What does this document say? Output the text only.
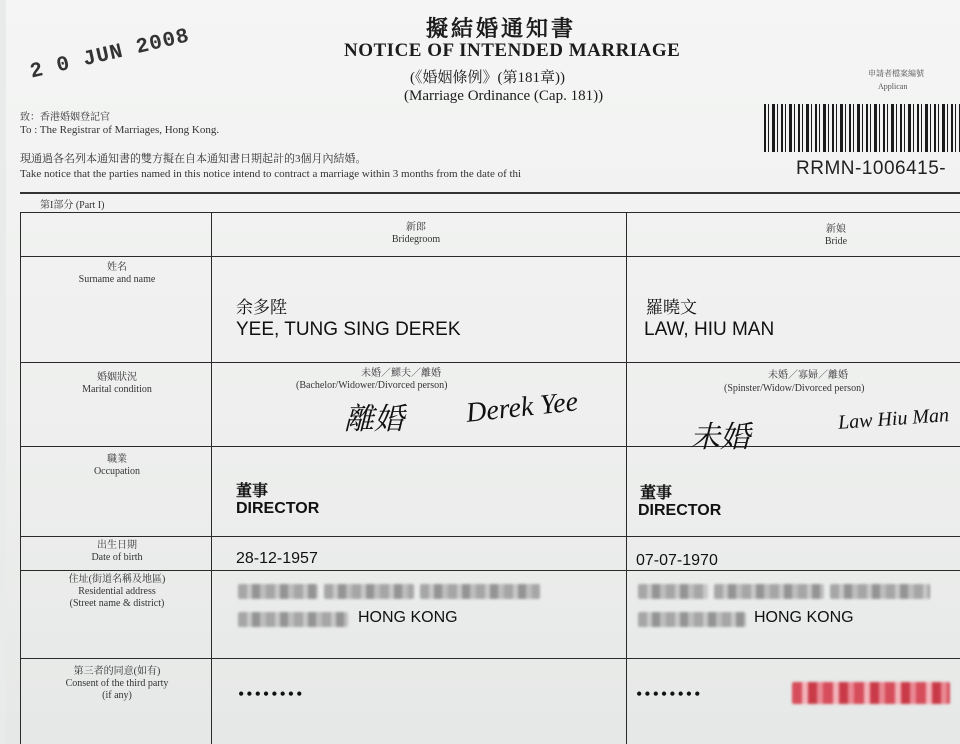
擬結婚通知書
NOTICE OF INTENDED MARRIAGE
(《婚姻條例》(第181章))
(Marriage Ordinance (Cap. 181))
2 0 JUN 2008
致：香港婚姻登記官
To : The Registrar of Marriages, Hong Kong.
現通過各名列本通知書的雙方擬在自本通知書日期起計的3個月內結婚。
Take notice that the parties named in this notice intend to contract a marriage within 3 months from the date of thi
申請者檔案編號
Applican
RRMN-1006415-
第I部分 (Part I)
新郎
Bridegroom
新娘
Bride
姓名
Surname and name
婚姻狀況
Marital condition
職業
Occupation
出生日期
Date of birth
住址(街道名稱及地區)
Residential address
(Street name & district)
第三者的同意(如有)
Consent of the third party
(if any)
余多陞
YEE, TUNG SING DEREK
未婚／鰥夫／離婚
(Bachelor/Widower/Divorced person)
離婚 Derek Yee
董事
DIRECTOR
28-12-1957
HONG KONG
••••••••
羅曉文
LAW, HIU MAN
未婚／寡婦／離婚
(Spinster/Widow/Divorced person)
未婚
Law Hiu Man
董事
DIRECTOR
07-07-1970
HONG KONG
••••••••
